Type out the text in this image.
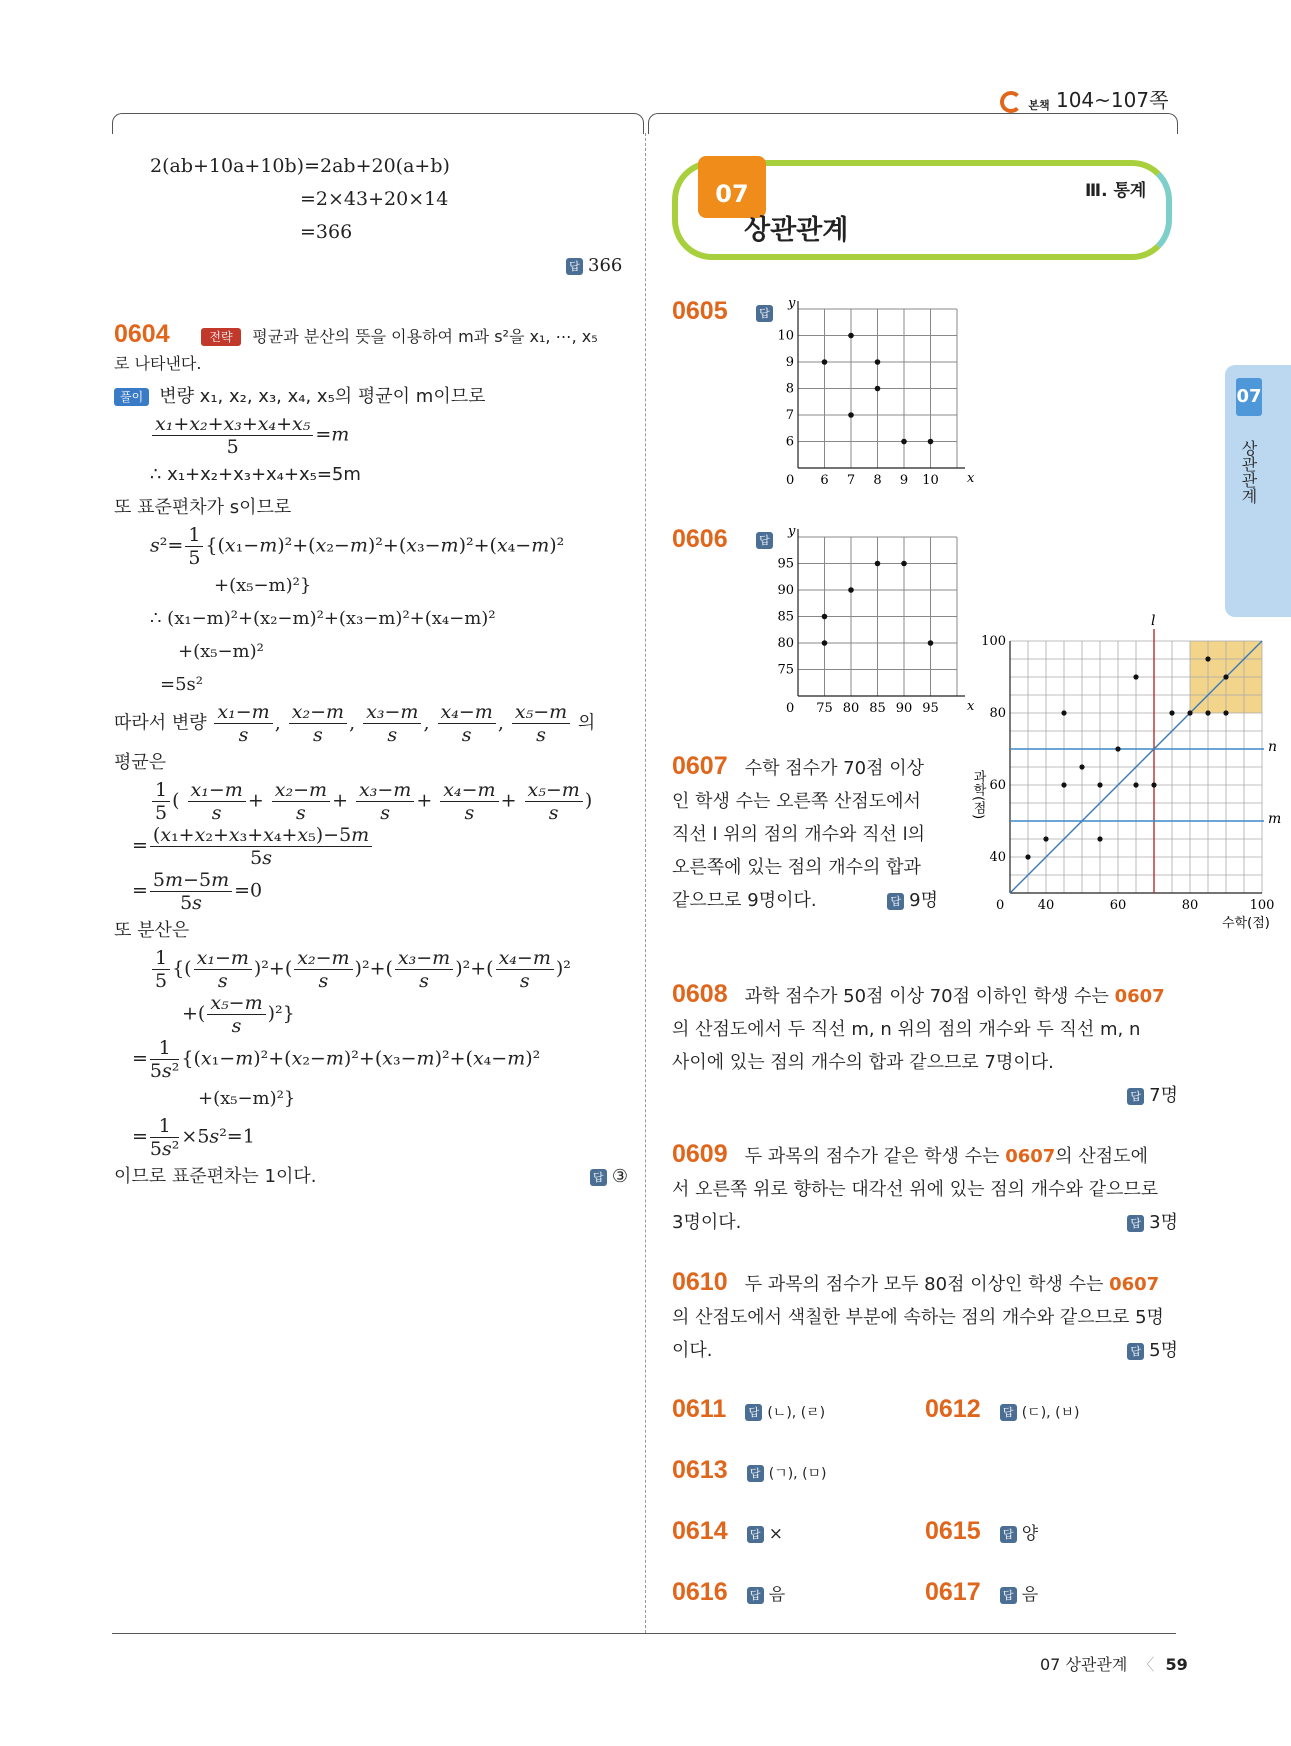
본책 104~107쪽
2(ab+10a+10b)=2ab+20(a+b)
=2×43+20×14
=366
답 366
0604	전략 평균과 분산의 뜻을 이용하여 m과 s²을 x₁, ⋯, x₅
로 나타낸다.
풀이 변량 x₁, x₂, x₃, x₄, x₅의 평균이 m이므로
$\frac{\text{x₁+x₂+x₃+x₄+x₅}}{5} =m$
∴ x₁+x₂+x₃+x₄+x₅=5m
또 표준편차가 s이므로
$s^2= \frac{1}{5} \{(x_1-m)^2+(x_2-m)^2+(x_3-m)^2+(x_4-m)^2$
+(x₅−m)²}
∴ (x₁−m)²+(x₂−m)²+(x₃−m)²+(x₄−m)²
+(x₅−m)²
=5s²
따라서 변량 $\frac{\text{x₁−m}}{s}$ , $\frac{\text{x₂−m}}{s}$ , $\frac{\text{x₃−m}}{s}$ , $\frac{\text{x₄−m}}{s}$ , $\frac{\text{x₅−m}}{s}$ 의
평균은
$\frac{1}{5}$ ( $\frac{\text{x₁−m}}{s} + \frac{\text{x₂−m}}{s} + \frac{\text{x₃−m}}{s} + \frac{\text{x₄−m}}{s} + \frac{\text{x₅−m}}{s}$ )
= $\frac{\text{(x₁+x₂+x₃+x₄+x₅)−5m}}{5s}$
= $\frac{5m-5m}{5s} =0$
또 분산은
$\frac{1}{5}$ {( $\frac{\text{x₁−m}}{s} )^2+( \frac{\text{x₂−m}}{s} )^2+( \frac{\text{x₃−m}}{s} )^2+( \frac{\text{x₄−m}}{s} )^2$
+( $\frac{\text{x₅−m}}{s} )^2$}
= $\frac{1}{\text{5s²}} \{(x_1-m)^2+(x_2-m)^2+(x_3-m)^2+(x_4-m)^2$
+(x₅−m)²}
= $\frac{1}{\text{5s²}} \times 5s^2=1$
이므로 표준편차는 1이다.	답 ③
07
상관관계
Ⅲ. 통계
07
상관관계
0605	답
6 7 8 9 10
6
7
8
9
10
0	x
y
0606	답
75 80 85 90 95
75
80
85
90
95
0	x
y
0607 수학 점수가 70점 이상
인 학생 수는 오른쪽 산점도에서
직선 l 위의 점의 개수와 직선 l의
오른쪽에 있는 점의 개수의 합과
같으므로 9명이다.	답 9명
l
n
m
40	60	80	100
40
60
80
100
0
수학(점)
과학(점)
0608 과학 점수가 50점 이상 70점 이하인 학생 수는 0607
의 산점도에서 두 직선 m, n 위의 점의 개수와 두 직선 m, n
사이에 있는 점의 개수의 합과 같으므로 7명이다.
답 7명
0609 두 과목의 점수가 같은 학생 수는 0607의 산점도에
서 오른쪽 위로 향하는 대각선 위에 있는 점의 개수와 같으므로
3명이다.	답 3명
0610 두 과목의 점수가 모두 80점 이상인 학생 수는 0607
의 산점도에서 색칠한 부분에 속하는 점의 개수와 같으므로 5명
이다.	답 5명
0611 답 (ㄴ), (ㄹ)	0612 답 (ㄷ), (ㅂ)
0613 답 (ㄱ), (ㅁ)
0614 답 ×	0615 답 양
0616 답 음	0617 답 음
07 상관관계 〈 59
